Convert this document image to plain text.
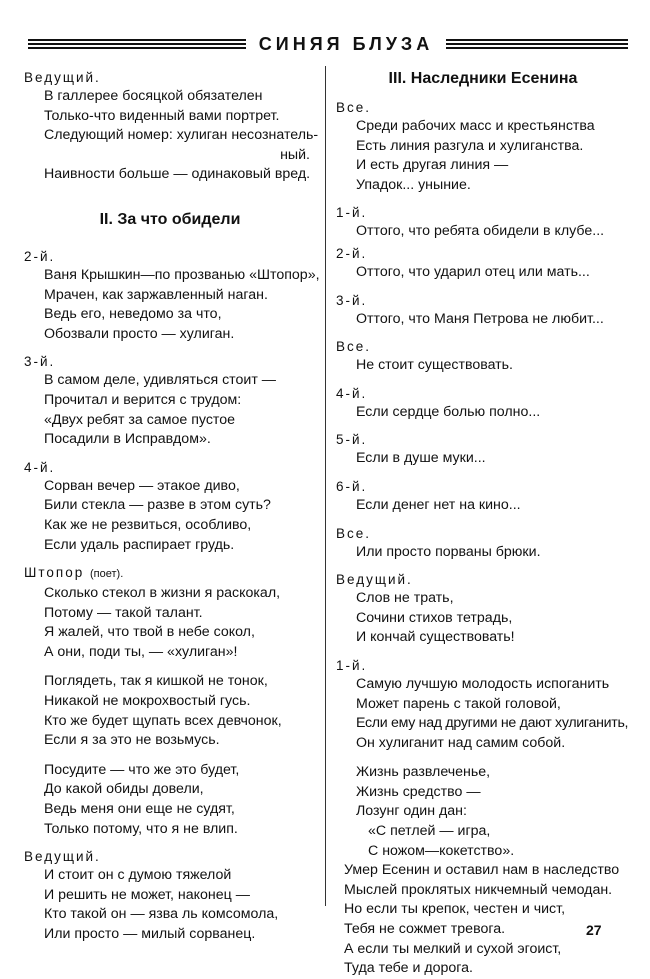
СИНЯЯ БЛУЗА
Ведущий.
В галлерее босяцкой обязателен
Только-что виденный вами портрет.
Следующий номер: хулиган несознатель-
ный.
Наивности больше — одинаковый вред.
II. За что обидели
2-й.
Ваня Крышкин—по прозванью «Штопор»,
Мрачен, как заржавленный наган.
Ведь его, неведомо за что,
Обозвали просто — хулиган.
3-й.
В самом деле, удивляться стоит —
Прочитал и верится с трудом:
«Двух ребят за самое пустое
Посадили в Исправдом».
4-й.
Сорван вечер — этакое диво,
Били стекла — разве в этом суть?
Как же не резвиться, особливо,
Если удаль распирает грудь.
Штопор (поет).
Сколько стекол в жизни я раскокал,
Потому — такой талант.
Я жалей, что твой в небе сокол,
А они, поди ты, — «хулиган»!
Поглядеть, так я кишкой не тонок,
Никакой не мокрохвостый гусь.
Кто же будет щупать всех девчонок,
Если я за это не возьмусь.
Посудите — что же это будет,
До какой обиды довели,
Ведь меня они еще не судят,
Только потому, что я не влип.
Ведущий.
И стоит он с думою тяжелой
И решить не может, наконец —
Кто такой он — язва ль комсомола,
Или просто — милый сорванец.
III. Наследники Есенина
Все.
Среди рабочих масс и крестьянства
Есть линия разгула и хулиганства.
И есть другая линия —
Упадок... уныние.
1-й.
Оттого, что ребята обидели в клубе...
2-й.
Оттого, что ударил отец или мать...
3-й.
Оттого, что Маня Петрова не любит...
Все.
Не стоит существовать.
4-й.
Если сердце болью полно...
5-й.
Если в душе муки...
6-й.
Если денег нет на кино...
Все.
Или просто порваны брюки.
Ведущий.
Слов не трать,
Сочини стихов тетрадь,
И кончай существовать!
1-й.
Самую лучшую молодость испоганить
Может парень с такой головой,
Если ему над другими не дают хулиганить,
Он хулиганит над самим собой.
Жизнь развлеченье,
Жизнь средство —
Лозунг один дан:
«С петлей — игра,
С ножом—кокетство».
Умер Есенин и оставил нам в наследство
Мыслей проклятых никчемный чемодан.
Но если ты крепок, честен и чист,
Тебя не сожмет тревога.
А если ты мелкий и сухой эгоист,
Туда тебе и дорога.
27
